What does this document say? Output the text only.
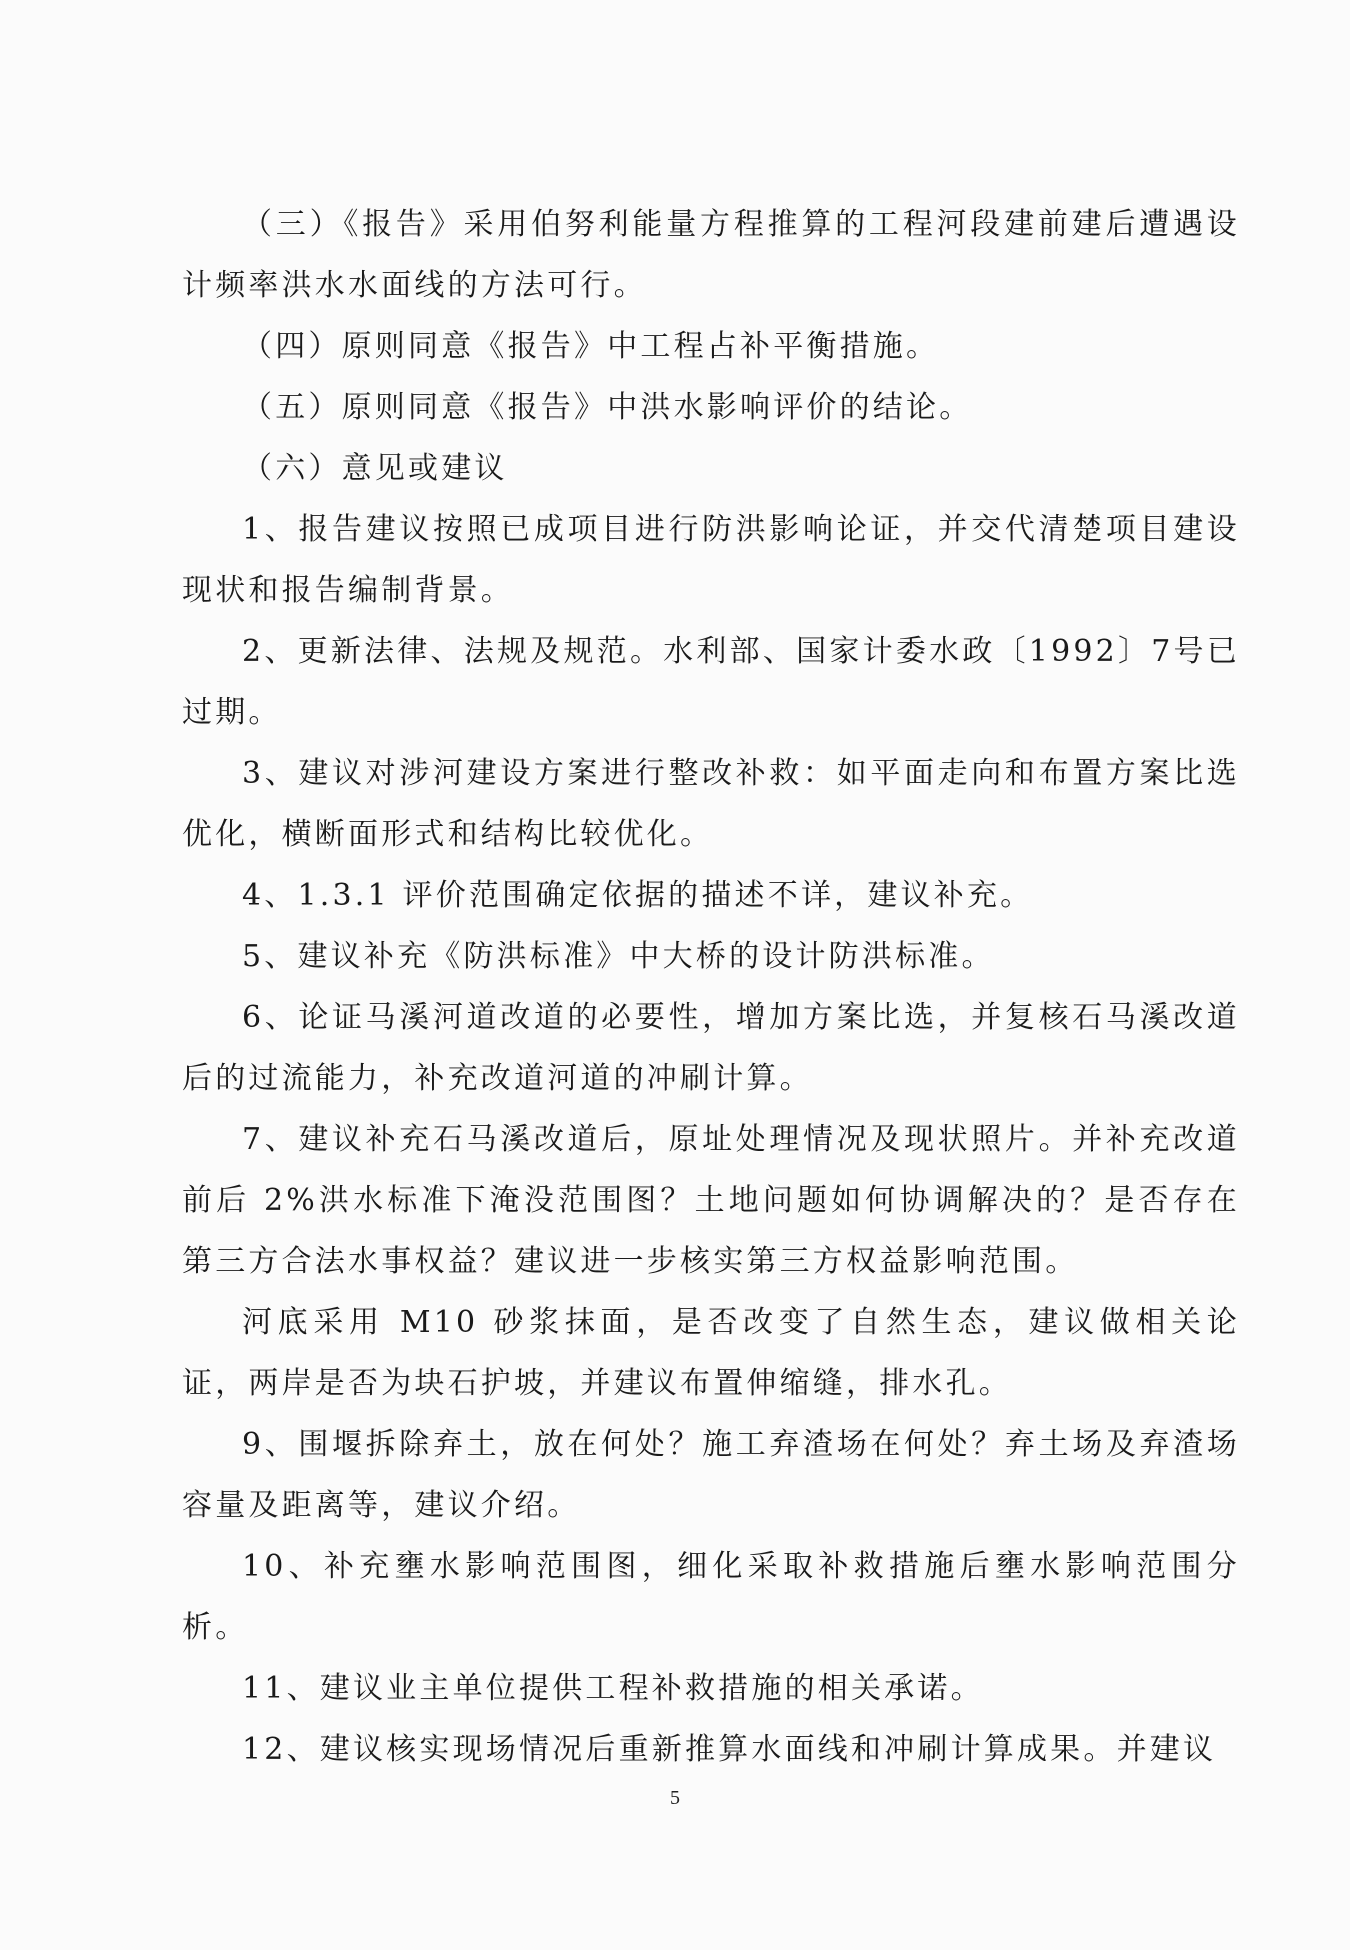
（三）《报告》采用伯努利能量方程推算的工程河段建前建后遭遇设计频率洪水水面线的方法可行。

（四）原则同意《报告》中工程占补平衡措施。

（五）原则同意《报告》中洪水影响评价的结论。

（六）意见或建议

1、报告建议按照已成项目进行防洪影响论证，并交代清楚项目建设现状和报告编制背景。

2、更新法律、法规及规范。水利部、国家计委水政〔1992〕7号已过期。

3、建议对涉河建设方案进行整改补救：如平面走向和布置方案比选优化，横断面形式和结构比较优化。

4、1.3.1 评价范围确定依据的描述不详，建议补充。

5、建议补充《防洪标准》中大桥的设计防洪标准。

6、论证马溪河道改道的必要性，增加方案比选，并复核石马溪改道后的过流能力，补充改道河道的冲刷计算。

7、建议补充石马溪改道后，原址处理情况及现状照片。并补充改道前后 2%洪水标准下淹没范围图？土地问题如何协调解决的？是否存在第三方合法水事权益？建议进一步核实第三方权益影响范围。

河底采用 M10 砂浆抹面，是否改变了自然生态，建议做相关论证，两岸是否为块石护坡，并建议布置伸缩缝，排水孔。

9、围堰拆除弃土，放在何处？施工弃渣场在何处？弃土场及弃渣场容量及距离等，建议介绍。

10、补充壅水影响范围图，细化采取补救措施后壅水影响范围分析。

11、建议业主单位提供工程补救措施的相关承诺。

12、建议核实现场情况后重新推算水面线和冲刷计算成果。并建议

5
